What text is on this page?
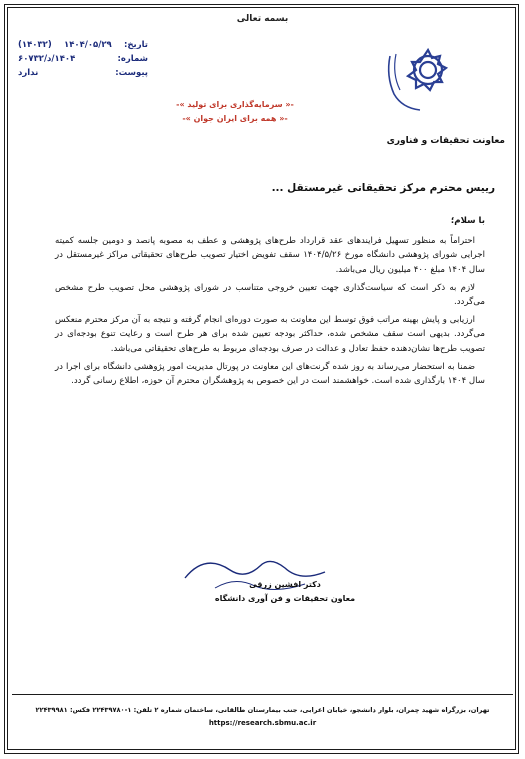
بسمه تعالی
تاریخ:
۱۴۰۴/۰۵/۲۹
(۱۴۰۳۲)
شماره:
۱۴۰۴/د/۶۰۷۳۲
پیوست:
ندارد
-« سرمایه‌گذاری برای تولید »-
-« همه برای ایران جوان »-
معاونت تحقیقات و فناوری
رییس محترم مرکز تحقیقاتی غیرمستقل ...

با سلام؛

احتراماً به منظور تسهیل فرایندهای عقد قرارداد طرح‌های پژوهشی و عطف به مصوبه پانصد و دومین جلسه کمیته اجرایی شورای پژوهشی دانشگاه مورخ ۱۴۰۴/۵/۲۶ سقف تفویض اختیار تصویب طرح‌های تحقیقاتی مراکز غیرمستقل در سال ۱۴۰۴ مبلغ ۴۰۰ میلیون ریال می‌باشد.

لازم به ذکر است که سیاست‌گذاری جهت تعیین خروجی متناسب در شورای پژوهشی محل تصویب طرح مشخص می‌گردد.

ارزیابی و پایش بهینه مراتب فوق توسط این معاونت به صورت دوره‌ای انجام گرفته و نتیجه به آن مرکز محترم منعکس می‌گردد. بدیهی است سقف مشخص شده، حداکثر بودجه تعیین شده برای هر طرح است و رعایت تنوع بودجه‌ای در تصویب طرح‌ها نشان‌دهنده حفظ تعادل و عدالت در صرف بودجه‌ای مربوط به طرح‌های تحقیقاتی می‌باشد.

ضمنا به استحضار می‌رساند به روز شده گرنت‌های این معاونت در پورتال مدیریت امور پژوهشی دانشگاه برای اجرا در سال ۱۴۰۴ بارگذاری شده است. خواهشمند است در این خصوص به پژوهشگران محترم آن حوزه، اطلاع رسانی گردد.

دکتر افشین زرقی
معاون تحقیقات و فن آوری دانشگاه
تهران، بزرگراه شهید چمران، بلوار دانشجو، خیابان اعرابی، جنب بیمارستان طالقانی، ساختمان شماره ۲ تلفن: ۱-۲۲۴۳۹۷۸۰ فکس: ۲۲۴۳۹۹۸۱
https://research.sbmu.ac.ir
